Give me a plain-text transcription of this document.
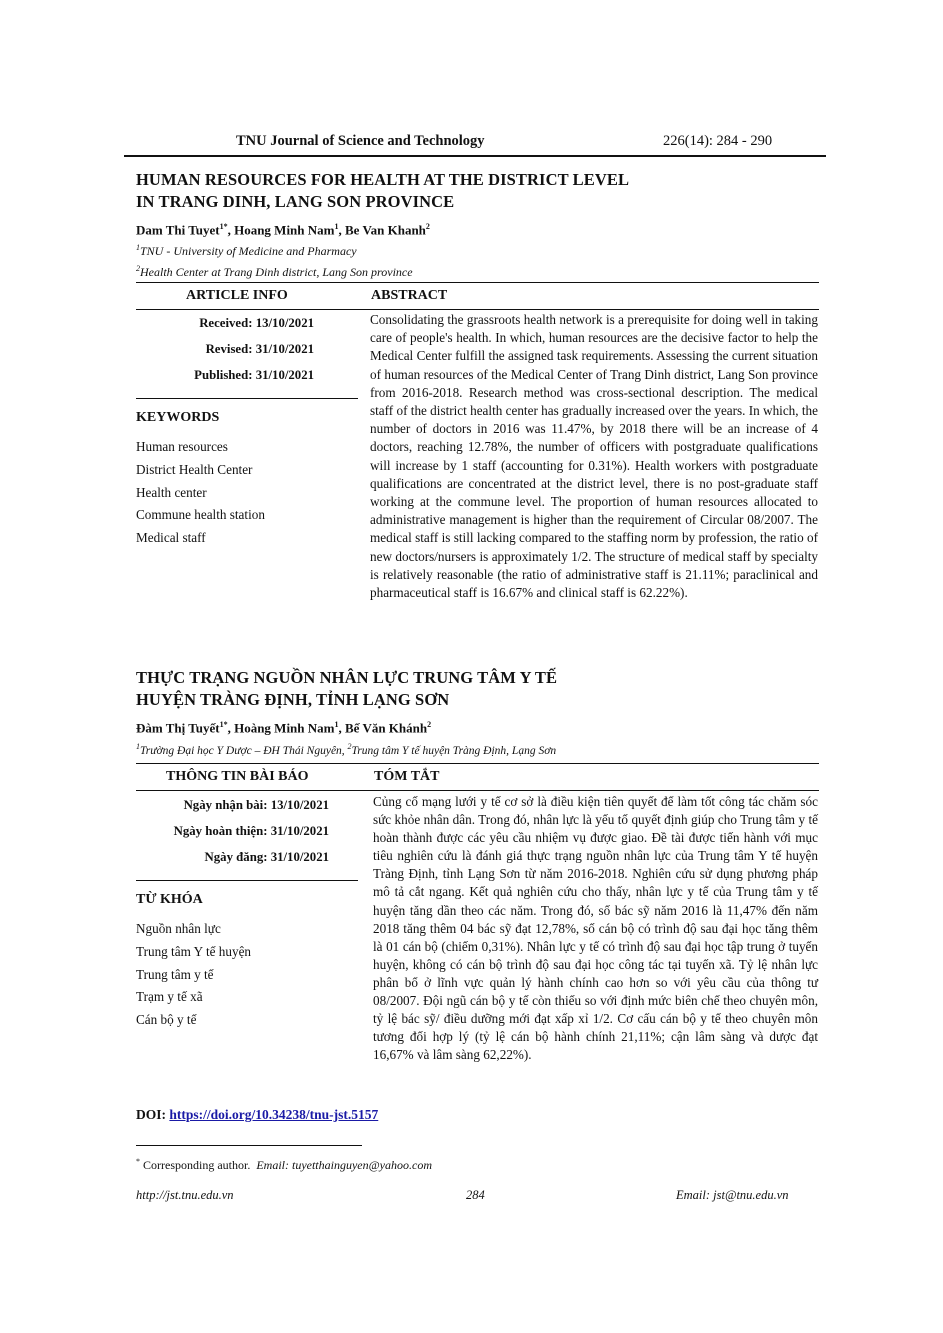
TNU Journal of Science and Technology	226(14): 284 - 290
HUMAN RESOURCES FOR HEALTH AT THE DISTRICT LEVEL
IN TRANG DINH, LANG SON PROVINCE
Dam Thi Tuyet$^{1*}$, Hoang Minh Nam$^1$, Be Van Khanh$^2$
$^1$TNU - University of Medicine and Pharmacy
$^2$Health Center at Trang Dinh district, Lang Son province
ARTICLE INFO	ABSTRACT
Received: 13/10/2021
Revised: 31/10/2021
Published: 31/10/2021
KEYWORDS
Human resources
District Health Center
Health center
Commune health station
Medical staff
Consolidating the grassroots health network is a prerequisite for doing well in taking care of people's health. In which, human resources are the decisive factor to help the Medical Center fulfill the assigned task requirements. Assessing the current situation of human resources of the Medical Center of Trang Dinh district, Lang Son province from 2016-2018. Research method was cross-sectional description. The medical staff of the district health center has gradually increased over the years. In which, the number of doctors in 2016 was 11.47%, by 2018 there will be an increase of 4 doctors, reaching 12.78%, the number of officers with postgraduate qualifications will increase by 1 staff (accounting for 0.31%). Health workers with postgraduate qualifications are concentrated at the district level, there is no post-graduate staff working at the commune level. The proportion of human resources allocated to administrative management is higher than the requirement of Circular 08/2007. The medical staff is still lacking compared to the staffing norm by profession, the ratio of new doctors/nursers is approximately 1/2. The structure of medical staff by specialty is relatively reasonable (the ratio of administrative staff is 21.11%; paraclinical and pharmaceutical staff is 16.67% and clinical staff is 62.22%).
THỰC TRẠNG NGUỒN NHÂN LỰC TRUNG TÂM Y TẾ
HUYỆN TRÀNG ĐỊNH, TỈNH LẠNG SƠN
Đàm Thị Tuyết$^{1*}$, Hoàng Minh Nam$^1$, Bế Văn Khánh$^2$
$^1$Trường Đại học Y Dược – ĐH Thái Nguyên, $^2$Trung tâm Y tế huyện Tràng Định, Lạng Sơn
THÔNG TIN BÀI BÁO	TÓM TẮT
Ngày nhận bài: 13/10/2021
Ngày hoàn thiện: 31/10/2021
Ngày đăng: 31/10/2021
TỪ KHÓA
Nguồn nhân lực
Trung tâm Y tế huyện
Trung tâm y tế
Trạm y tế xã
Cán bộ y tế
Củng cố mạng lưới y tế cơ sở là điều kiện tiên quyết để làm tốt công tác chăm sóc sức khỏe nhân dân. Trong đó, nhân lực là yếu tố quyết định giúp cho Trung tâm y tế hoàn thành được các yêu cầu nhiệm vụ được giao. Đề tài được tiến hành với mục tiêu nghiên cứu là đánh giá thực trạng nguồn nhân lực của Trung tâm Y tế huyện Tràng Định, tỉnh Lạng Sơn từ năm 2016-2018. Nghiên cứu sử dụng phương pháp mô tả cắt ngang. Kết quả nghiên cứu cho thấy, nhân lực y tế của Trung tâm y tế huyện tăng dần theo các năm. Trong đó, số bác sỹ năm 2016 là 11,47% đến năm 2018 tăng thêm 04 bác sỹ đạt 12,78%, số cán bộ có trình độ sau đại học tăng thêm là 01 cán bộ (chiếm 0,31%). Nhân lực y tế có trình độ sau đại học tập trung ở tuyến huyện, không có cán bộ trình độ sau đại học công tác tại tuyến xã. Tỷ lệ nhân lực phân bổ ở lĩnh vực quản lý hành chính cao hơn so với yêu cầu của thông tư 08/2007. Đội ngũ cán bộ y tế còn thiếu so với định mức biên chế theo chuyên môn, tỷ lệ bác sỹ/ điều dưỡng mới đạt xấp xỉ 1/2. Cơ cấu cán bộ y tế theo chuyên môn tương đối hợp lý (tỷ lệ cán bộ hành chính 21,11%; cận lâm sàng và dược đạt 16,67% và lâm sàng 62,22%).
DOI: https://doi.org/10.34238/tnu-jst.5157
* Corresponding author. Email: tuyetthainguyen@yahoo.com
http://jst.tnu.edu.vn	284	Email: jst@tnu.edu.vn
